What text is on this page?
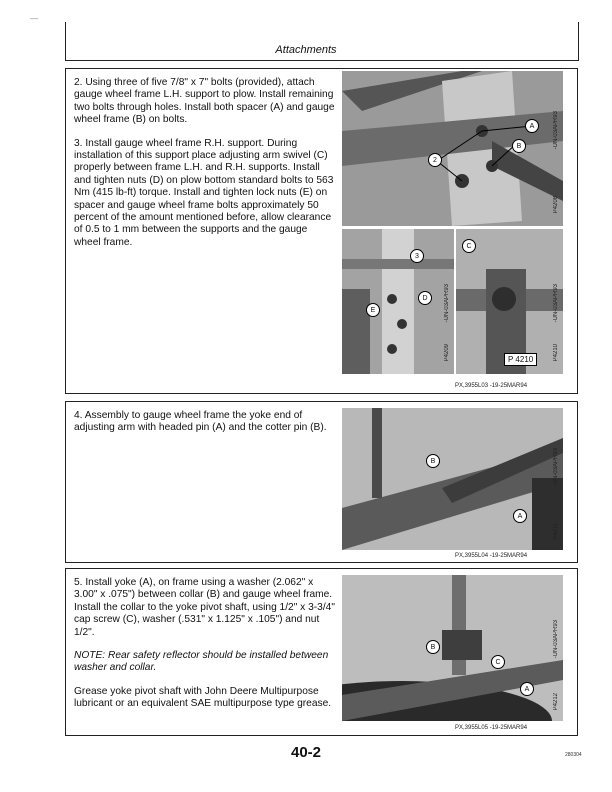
—
Attachments

2. Using three of five 7/8" x 7" bolts (provided), attach gauge wheel frame L.H. support to plow. Install remaining two bolts through holes. Install both spacer (A) and gauge wheel frame (B) on bolts.

3. Install gauge wheel frame R.H. support. During installation of this support place adjusting arm swivel (C) properly between frame L.H. and R.H. supports. Install and tighten nuts (D) on plow bottom standard bolts to 563 Nm (415 lb-ft) torque. Install and tighten lock nuts (E) on spacer and gauge wheel frame bolts approximately 50 percent of the amount mentioned before, allow clearance of 0.5 to 1 mm between the supports and the gauge wheel frame.

2
A
B	-UN-03APR93
P4208
3
E
D	-UN-03APR93
P4209
C
P 4210
-UN-03APR93
P4210
PX,3955L03 -19-25MAR94

4. Assembly to gauge wheel frame the yoke end of adjusting arm with headed pin (A) and the cotter pin (B).

B
A
-UN-03APR93
P4211
PX,3955L04 -19-25MAR94

5. Install yoke (A), on frame using a washer (2.062" x 3.00" x .075") between collar (B) and gauge wheel frame. Install the collar to the yoke pivot shaft, using 1/2" x 3-3/4" cap screw (C), washer (.531" x 1.125" x .105") and nut 1/2".

NOTE: Rear safety reflector should be installed between washer and collar.

Grease yoke pivot shaft with John Deere Multipurpose lubricant or an equivalent SAE multipurpose type grease.

B
C
A
-UN-03APR93
P4212
PX,3955L05 -19-25MAR94
40-2	280304
